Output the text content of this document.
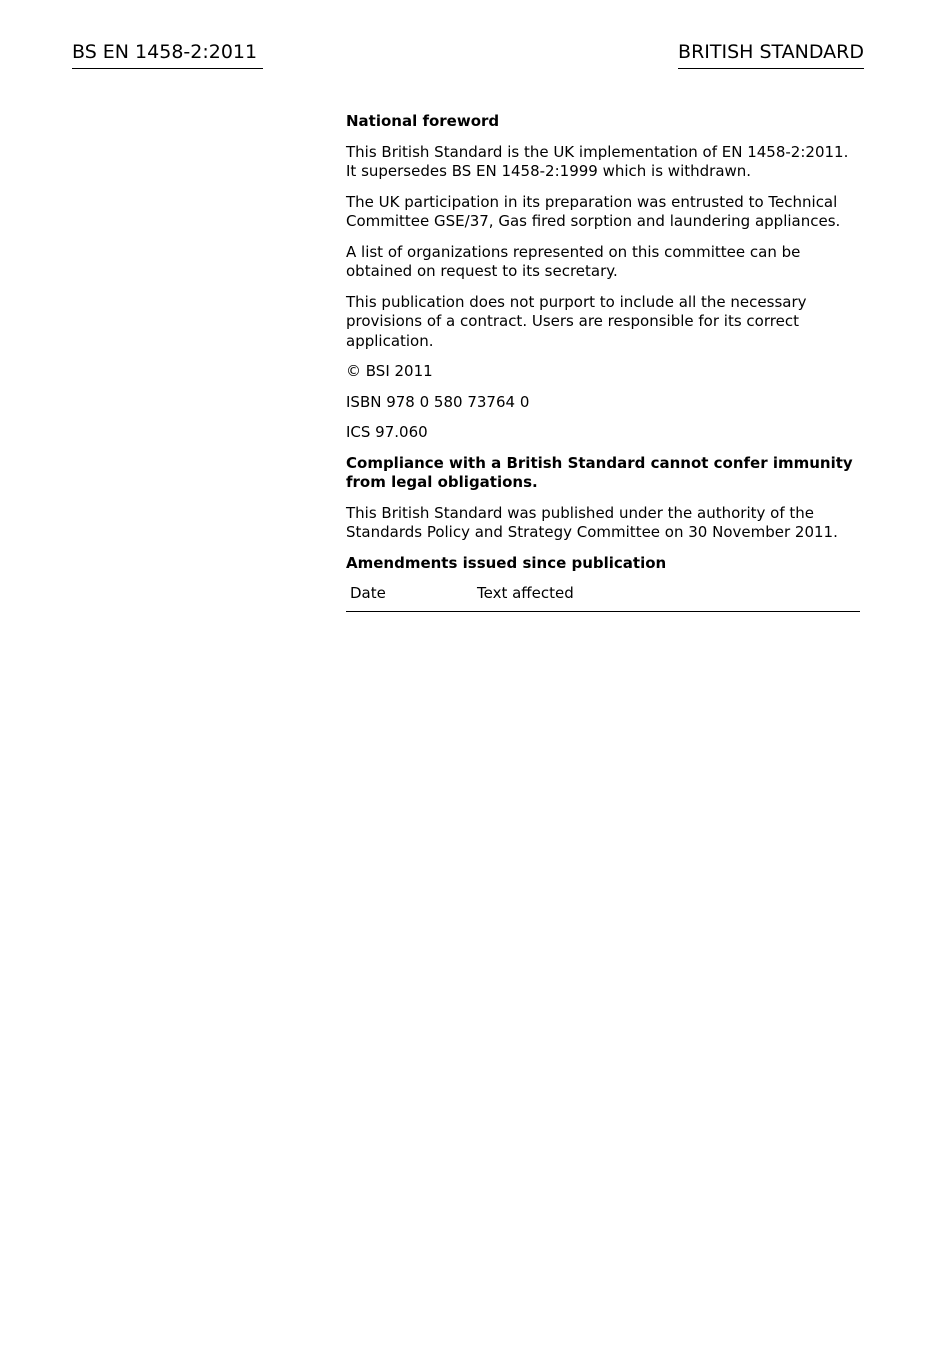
BS EN 1458-2:2011	BRITISH STANDARD

National foreword

This British Standard is the UK implementation of EN 1458-2:2011. It supersedes BS EN 1458-2:1999 which is withdrawn.

The UK participation in its preparation was entrusted to Technical Committee GSE/37, Gas fired sorption and laundering appliances.

A list of organizations represented on this committee can be obtained on request to its secretary.

This publication does not purport to include all the necessary provisions of a contract. Users are responsible for its correct application.

© BSI 2011

ISBN 978 0 580 73764 0

ICS 97.060

Compliance with a British Standard cannot confer immunity from legal obligations.

This British Standard was published under the authority of the Standards Policy and Strategy Committee on 30 November 2011.

Amendments issued since publication

Date	Text affected
